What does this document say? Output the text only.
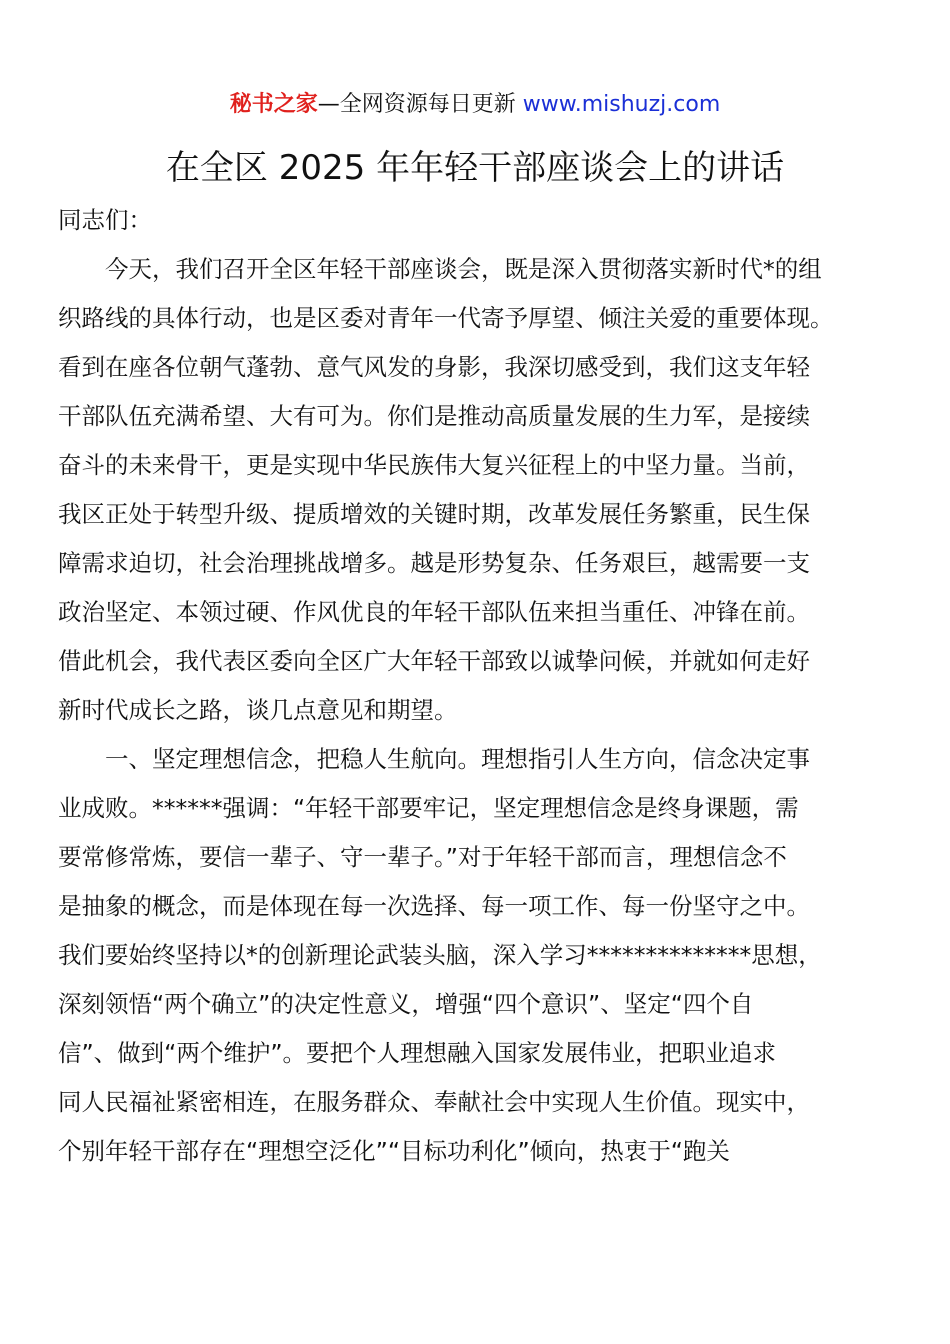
秘书之家—全网资源每日更新 www.mishuzj.com
在全区 2025 年年轻干部座谈会上的讲话
同志们：
　　今天，我们召开全区年轻干部座谈会，既是深入贯彻落实新时代*的组
织路线的具体行动，也是区委对青年一代寄予厚望、倾注关爱的重要体现。
看到在座各位朝气蓬勃、意气风发的身影，我深切感受到，我们这支年轻
干部队伍充满希望、大有可为。你们是推动高质量发展的生力军，是接续
奋斗的未来骨干，更是实现中华民族伟大复兴征程上的中坚力量。当前，
我区正处于转型升级、提质增效的关键时期，改革发展任务繁重，民生保
障需求迫切，社会治理挑战增多。越是形势复杂、任务艰巨，越需要一支
政治坚定、本领过硬、作风优良的年轻干部队伍来担当重任、冲锋在前。
借此机会，我代表区委向全区广大年轻干部致以诚挚问候，并就如何走好
新时代成长之路，谈几点意见和期望。
　　一、坚定理想信念，把稳人生航向。理想指引人生方向，信念决定事
业成败。******强调：“年轻干部要牢记，坚定理想信念是终身课题，需
要常修常炼，要信一辈子、守一辈子。”对于年轻干部而言，理想信念不
是抽象的概念，而是体现在每一次选择、每一项工作、每一份坚守之中。
我们要始终坚持以*的创新理论武装头脑，深入学习**************思想，
深刻领悟“两个确立”的决定性意义，增强“四个意识”、坚定“四个自
信”、做到“两个维护”。要把个人理想融入国家发展伟业，把职业追求
同人民福祉紧密相连，在服务群众、奉献社会中实现人生价值。现实中，
个别年轻干部存在“理想空泛化”“目标功利化”倾向，热衷于“跑关
